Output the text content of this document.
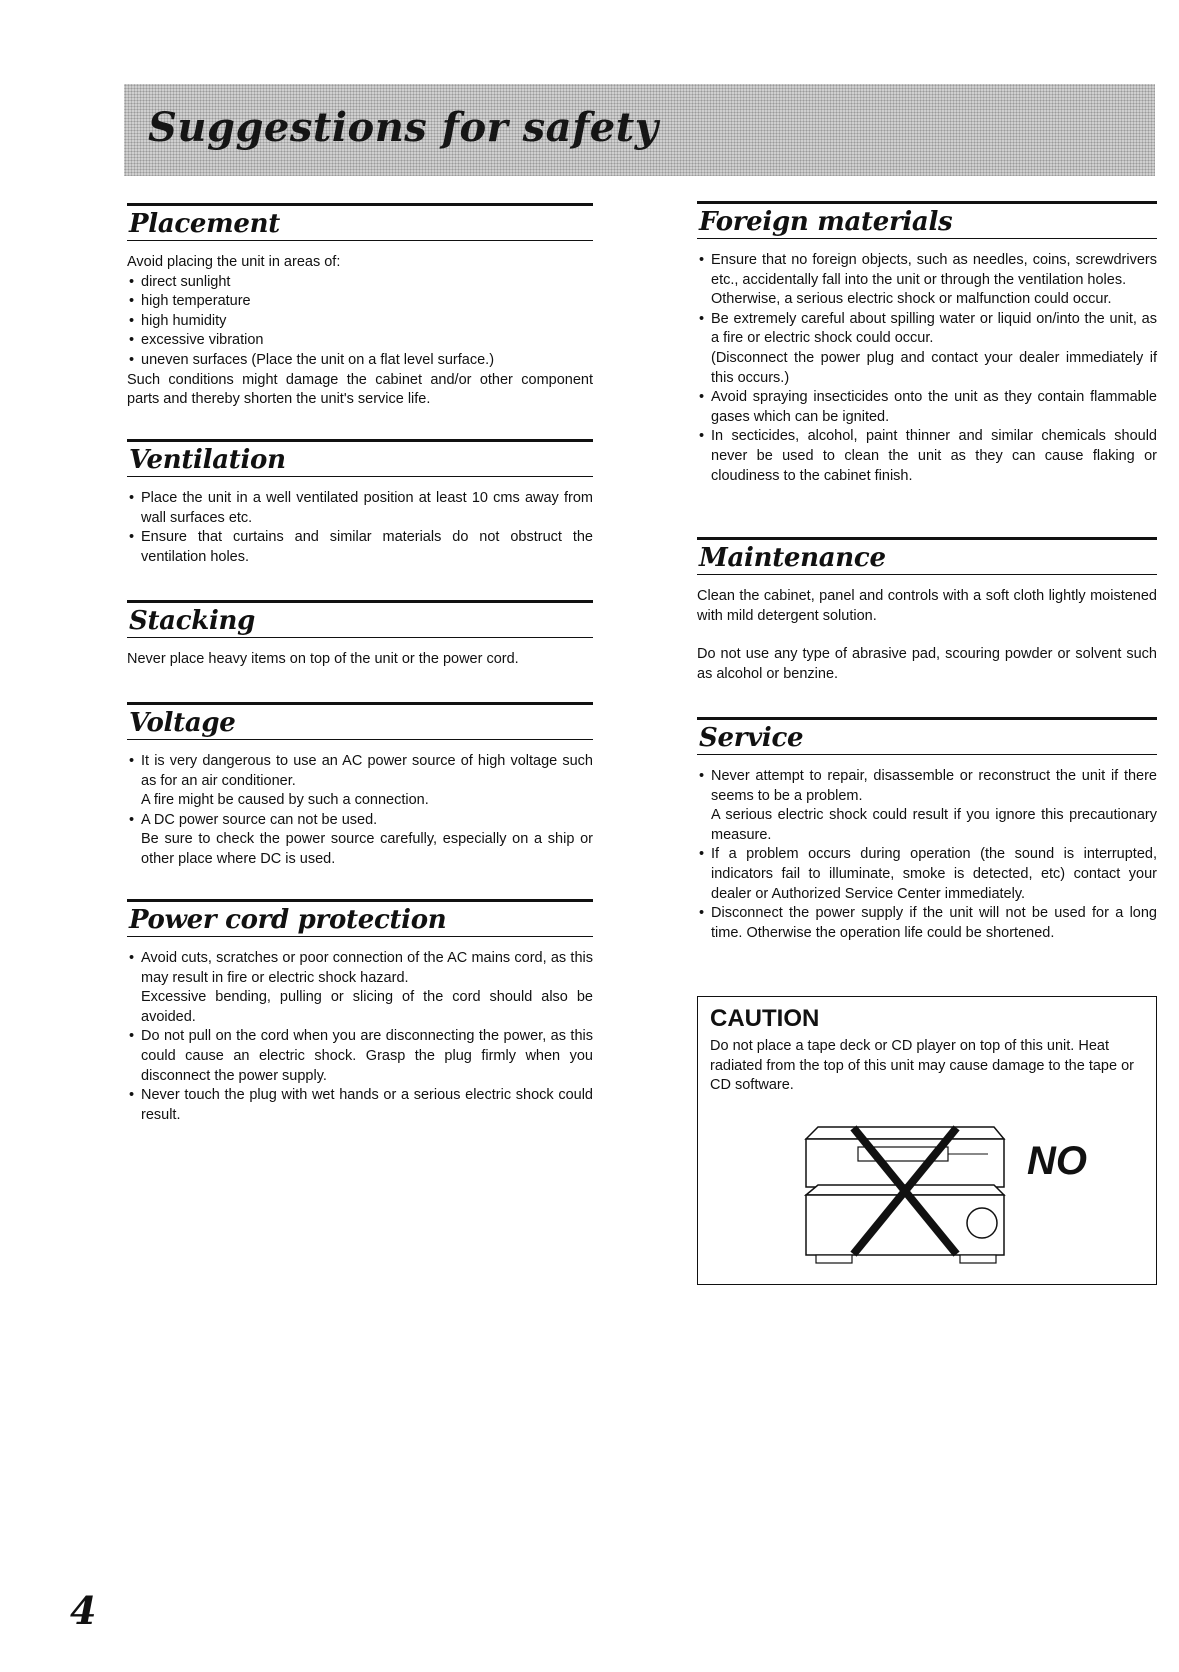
Suggestions for safety
Placement

Avoid placing the unit in areas of:

• direct sunlight
• high temperature
• high humidity
• excessive vibration
• uneven surfaces (Place the unit on a flat level surface.)

Such conditions might damage the cabinet and/or other component parts and thereby shorten the unit's service life.

Ventilation
• Place the unit in a well ventilated position at least 10 cms away from wall surfaces etc.
• Ensure that curtains and similar materials do not obstruct the ventilation holes.
Stacking

Never place heavy items on top of the unit or the power cord.

Voltage
• It is very dangerous to use an AC power source of high voltage such as for an air conditioner.
A fire might be caused by such a connection.
• A DC power source can not be used.
Be sure to check the power source carefully, especially on a ship or other place where DC is used.
Power cord protection
• Avoid cuts, scratches or poor connection of the AC mains cord, as this may result in fire or electric shock hazard.
Excessive bending, pulling or slicing of the cord should also be avoided.
• Do not pull on the cord when you are disconnecting the power, as this could cause an electric shock. Grasp the plug firmly when you disconnect the power supply.
• Never touch the plug with wet hands or a serious electric shock could result.
Foreign materials
• Ensure that no foreign objects, such as needles, coins, screwdrivers etc., accidentally fall into the unit or through the ventilation holes.
Otherwise, a serious electric shock or malfunction could occur.
• Be extremely careful about spilling water or liquid on/into the unit, as a fire or electric shock could occur.
(Disconnect the power plug and contact your dealer immediately if this occurs.)
• Avoid spraying insecticides onto the unit as they contain flammable gases which can be ignited.
• In secticides, alcohol, paint thinner and similar chemicals should never be used to clean the unit as they can cause flaking or cloudiness to the cabinet finish.
Maintenance

Clean the cabinet, panel and controls with a soft cloth lightly moistened with mild detergent solution.

Do not use any type of abrasive pad, scouring powder or solvent such as alcohol or benzine.

Service
• Never attempt to repair, disassemble or reconstruct the unit if there seems to be a problem.
A serious electric shock could result if you ignore this precautionary measure.
• If a problem occurs during operation (the sound is interrupted, indicators fail to illuminate, smoke is detected, etc) contact your dealer or Authorized Service Center immediately.
• Disconnect the power supply if the unit will not be used for a long time. Otherwise the operation life could be shortened.
CAUTION

Do not place a tape deck or CD player on top of this unit. Heat radiated from the top of this unit may cause damage to the tape or CD software.

NO
4
